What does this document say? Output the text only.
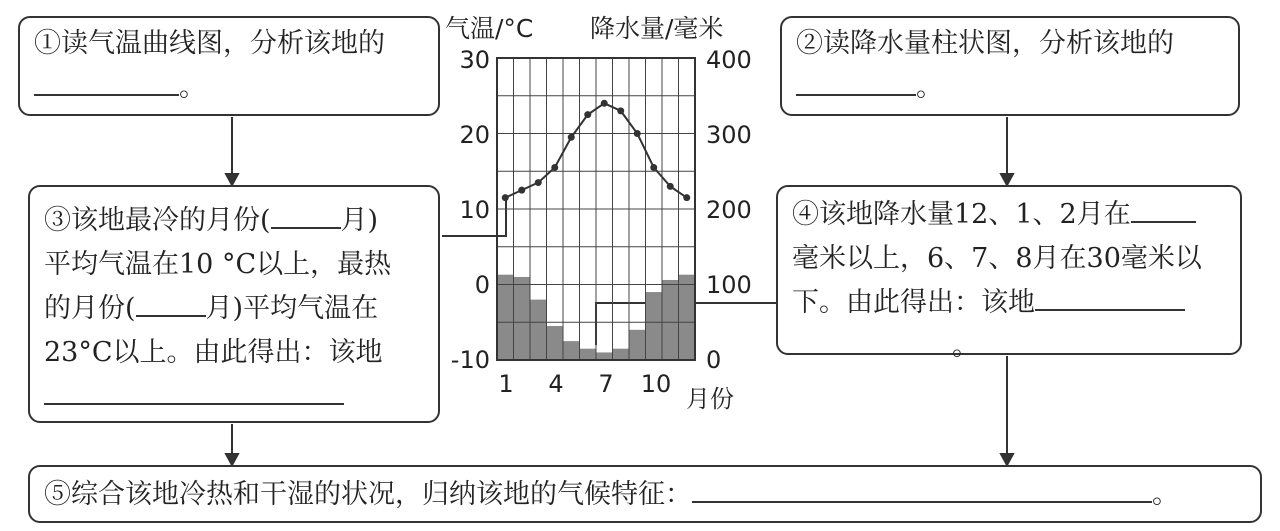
气温/°C 降水量/毫米
30
20
10
0
-10
400
300
200
100
0
1 4 7 10
月份
①读气温曲线图，分析该地的
。
②读降水量柱状图，分析该地的
。
③该地最冷的月份(	月)
平均气温在10 °C以上，最热
的月份(	月)平均气温在
23°C以上。由此得出：该地
④该地降水量12、1、2月在
毫米以上，6、7、8月在30毫米以
下。由此得出：该地
。
⑤综合该地冷热和干湿的状况，归纳该地的气候特征：	。
